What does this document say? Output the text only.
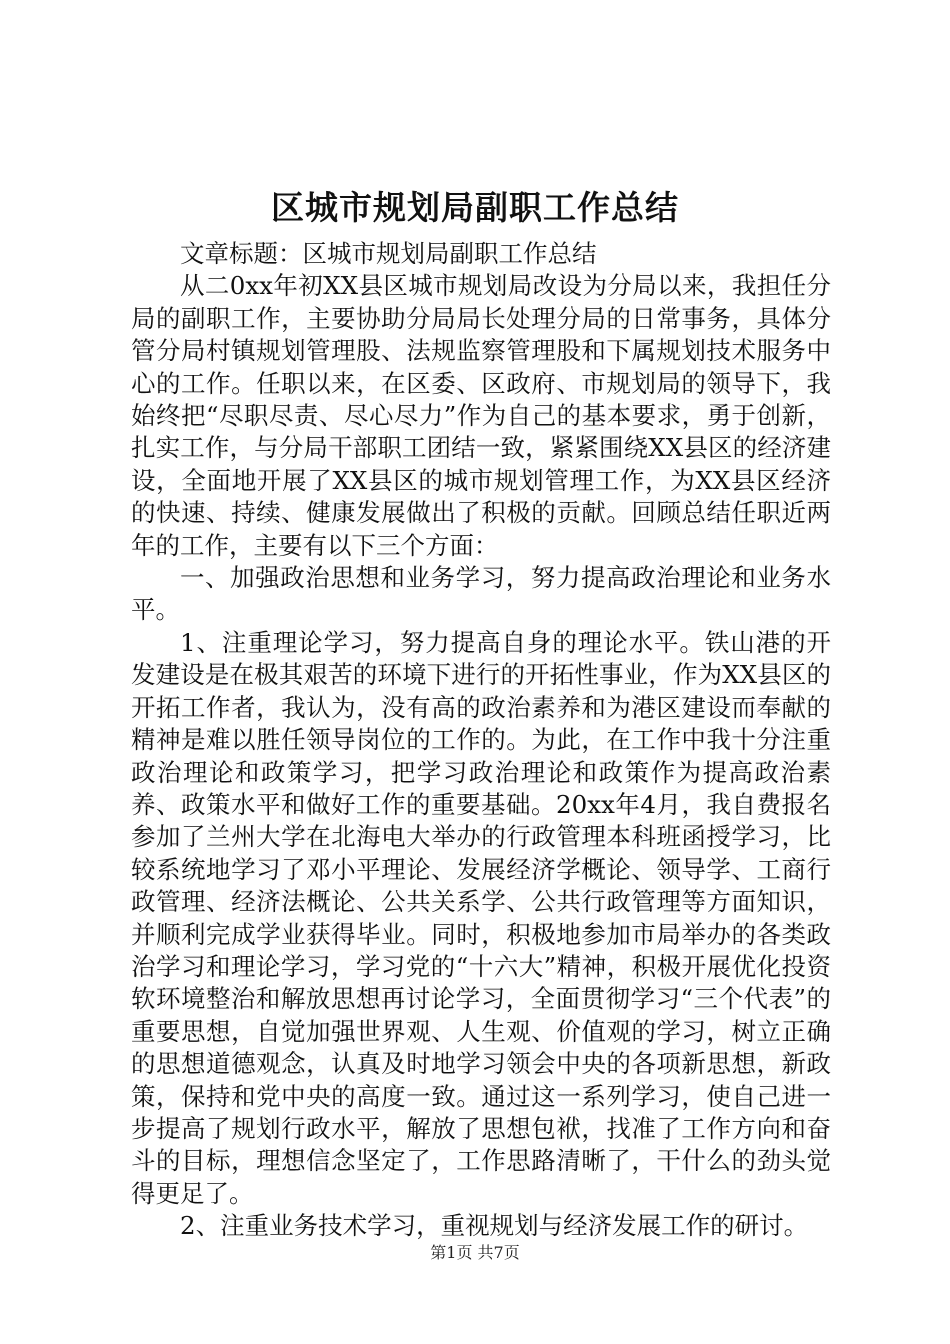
区城市规划局副职工作总结

文章标题：区城市规划局副职工作总结

从二0xx年初XX县区城市规划局改设为分局以来，我担任分局的副职工作，主要协助分局局长处理分局的日常事务，具体分管分局村镇规划管理股、法规监察管理股和下属规划技术服务中心的工作。任职以来，在区委、区政府、市规划局的领导下，我始终把“尽职尽责、尽心尽力”作为自己的基本要求，勇于创新，扎实工作，与分局干部职工团结一致，紧紧围绕XX县区的经济建设，全面地开展了XX县区的城市规划管理工作，为XX县区经济的快速、持续、健康发展做出了积极的贡献。回顾总结任职近两年的工作，主要有以下三个方面：

一、加强政治思想和业务学习，努力提高政治理论和业务水平。

1、注重理论学习，努力提高自身的理论水平。铁山港的开发建设是在极其艰苦的环境下进行的开拓性事业，作为XX县区的开拓工作者，我认为，没有高的政治素养和为港区建设而奉献的精神是难以胜任领导岗位的工作的。为此，在工作中我十分注重政治理论和政策学习，把学习政治理论和政策作为提高政治素养、政策水平和做好工作的重要基础。20xx年4月，我自费报名参加了兰州大学在北海电大举办的行政管理本科班函授学习，比较系统地学习了邓小平理论、发展经济学概论、领导学、工商行政管理、经济法概论、公共关系学、公共行政管理等方面知识，并顺利完成学业获得毕业。同时，积极地参加市局举办的各类政治学习和理论学习，学习党的“十六大”精神，积极开展优化投资软环境整治和解放思想再讨论学习，全面贯彻学习“三个代表”的重要思想，自觉加强世界观、人生观、价值观的学习，树立正确的思想道德观念，认真及时地学习领会中央的各项新思想，新政策，保持和党中央的高度一致。通过这一系列学习，使自己进一步提高了规划行政水平，解放了思想包袱，找准了工作方向和奋斗的目标，理想信念坚定了，工作思路清晰了，干什么的劲头觉得更足了。

2、注重业务技术学习，重视规划与经济发展工作的研讨。

第1页 共7页
